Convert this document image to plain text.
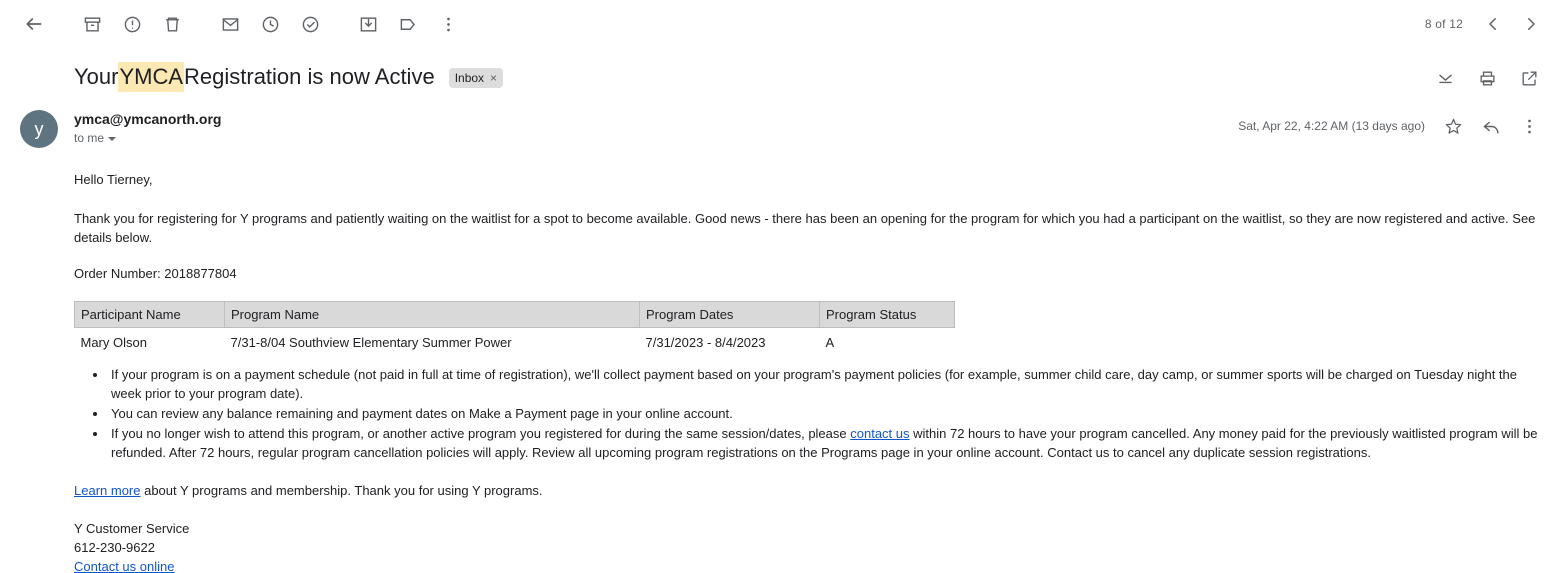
8 of 12
Your YMCA Registration is now Active Inbox ×
y	ymca@ymcanorth.org
to me
Sat, Apr 22, 4:22 AM (13 days ago)

Hello Tierney,

Thank you for registering for Y programs and patiently waiting on the waitlist for a spot to become available. Good news - there has been an opening for the program for which you had a participant on the waitlist, so they are now registered and active. See details below.

Order Number: 2018877804

Participant Name	Program Name	Program Dates	Program Status
Mary Olson	7/31-8/04 Southview Elementary Summer Power	7/31/2023 - 8/4/2023	A
• If your program is on a payment schedule (not paid in full at time of registration), we'll collect payment based on your program's payment policies (for example, summer child care, day camp, or summer sports will be charged on Tuesday night the week prior to your program date).
• You can review any balance remaining and payment dates on Make a Payment page in your online account.
• If you no longer wish to attend this program, or another active program you registered for during the same session/dates, please contact us within 72 hours to have your program cancelled. Any money paid for the previously waitlisted program will be refunded. After 72 hours, regular program cancellation policies will apply. Review all upcoming program registrations on the Programs page in your online account. Contact us to cancel any duplicate session registrations.

Learn more about Y programs and membership. Thank you for using Y programs.

Y Customer Service
612-230-9622
Contact us online
